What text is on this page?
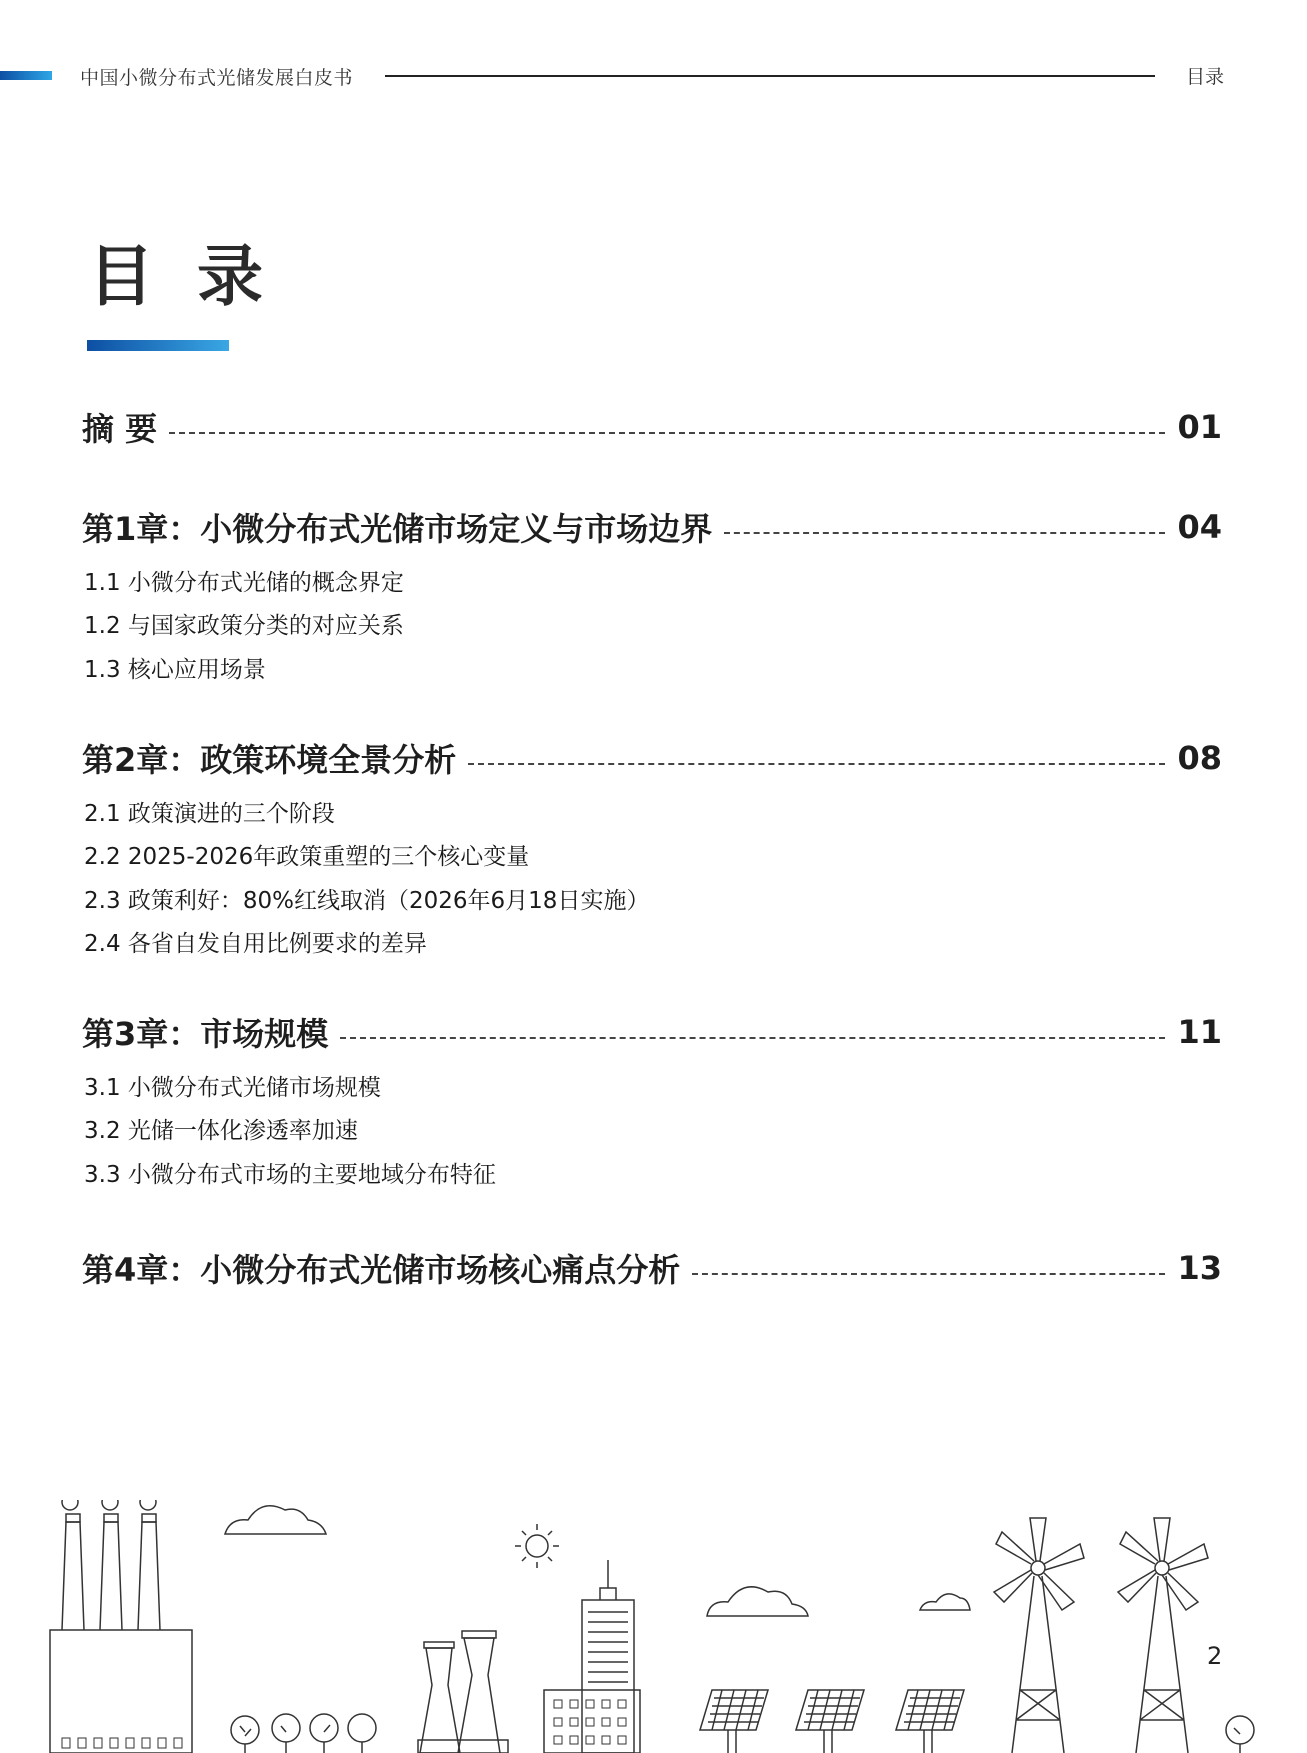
中国小微分布式光储发展白皮书	目录
目 录
摘 要	01
第1章：小微分布式光储市场定义与市场边界	04
1.1 小微分布式光储的概念界定
1.2 与国家政策分类的对应关系
1.3 核心应用场景
第2章：政策环境全景分析	08
2.1 政策演进的三个阶段
2.2 2025-2026年政策重塑的三个核心变量
2.3 政策利好：80%红线取消（2026年6月18日实施）
2.4 各省自发自用比例要求的差异
第3章：市场规模	11
3.1 小微分布式光储市场规模
3.2 光储一体化渗透率加速
3.3 小微分布式市场的主要地域分布特征
第4章：小微分布式光储市场核心痛点分析	13
2
